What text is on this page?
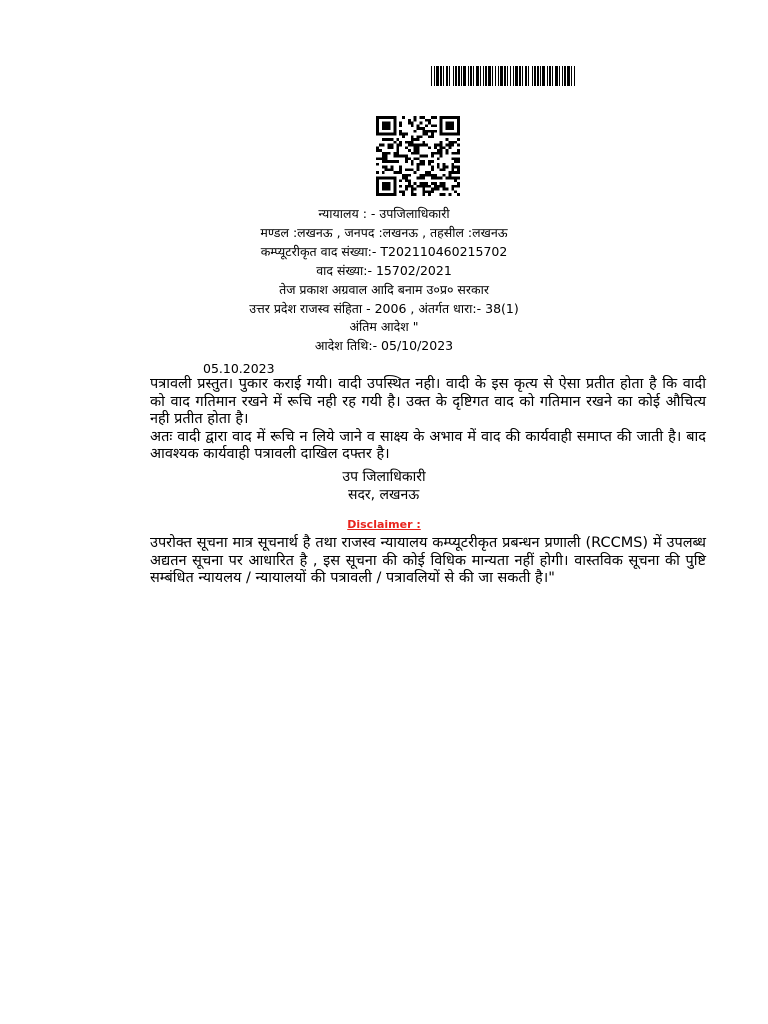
न्यायालय : - उपजिलाधिकारी
मण्डल :लखनऊ , जनपद :लखनऊ , तहसील :लखनऊ
कम्प्यूटरीकृत वाद संख्या:- T202110460215702
वाद संख्या:- 15702/2021
तेज प्रकाश अग्रवाल आदि बनाम उ०प्र० सरकार
उत्तर प्रदेश राजस्व संहिता - 2006 , अंतर्गत धारा:- 38(1)
अंतिम आदेश "
आदेश तिथि:- 05/10/2023
05.10.2023

पत्रावली प्रस्तुत। पुकार कराई गयी। वादी उपस्थित नही। वादी के इस कृत्य से ऐसा प्रतीत होता है कि वादी को वाद गतिमान रखने में रूचि नही रह गयी है। उक्त के दृष्टिगत वाद को गतिमान रखने का कोई औचित्य नही प्रतीत होता है।

अतः वादी द्वारा वाद में रूचि न लिये जाने व साक्ष्य के अभाव में वाद की कार्यवाही समाप्त की जाती है। बाद आवश्यक कार्यवाही पत्रावली दाखिल दफ्तर है।

उप जिलाधिकारी
सदर, लखनऊ
Disclaimer :
उपरोक्त सूचना मात्र सूचनार्थ है तथा राजस्व न्यायालय कम्प्यूटरीकृत प्रबन्धन प्रणाली (RCCMS) में उपलब्ध अद्यतन सूचना पर आधारित है , इस सूचना की कोई विधिक मान्यता नहीं होगी। वास्तविक सूचना की पुष्टि सम्बंधित न्यायलय / न्यायालयों की पत्रावली / पत्रावलियों से की जा सकती है।"
